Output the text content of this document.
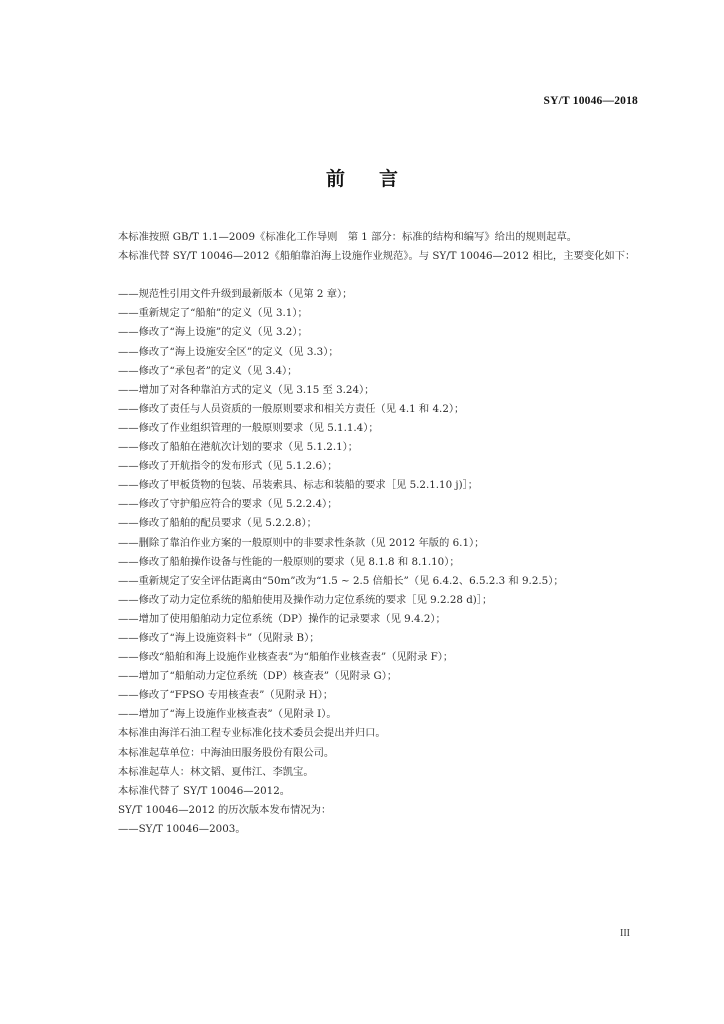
SY/T 10046—2018
前言
本标准按照 GB/T 1.1—2009《标准化工作导则　第 1 部分：标准的结构和编写》给出的规则起草。
本标准代替 SY/T 10046—2012《船舶靠泊海上设施作业规范》。与 SY/T 10046—2012 相比，主要变化如下：
——规范性引用文件升级到最新版本（见第 2 章）；
——重新规定了“船舶”的定义（见 3.1）；
——修改了“海上设施”的定义（见 3.2）；
——修改了“海上设施安全区”的定义（见 3.3）；
——修改了“承包者”的定义（见 3.4）；
——增加了对各种靠泊方式的定义（见 3.15 至 3.24）；
——修改了责任与人员资质的一般原则要求和相关方责任（见 4.1 和 4.2）；
——修改了作业组织管理的一般原则要求（见 5.1.1.4）；
——修改了船舶在港航次计划的要求（见 5.1.2.1）；
——修改了开航指令的发布形式（见 5.1.2.6）；
——修改了甲板货物的包装、吊装索具、标志和装船的要求［见 5.2.1.10 j)］；
——修改了守护船应符合的要求（见 5.2.2.4）；
——修改了船舶的配员要求（见 5.2.2.8）；
——删除了靠泊作业方案的一般原则中的非要求性条款（见 2012 年版的 6.1）；
——修改了船舶操作设备与性能的一般原则的要求（见 8.1.8 和 8.1.10）；
——重新规定了安全评估距离由“50m”改为“1.5 ~ 2.5 倍船长”（见 6.4.2、6.5.2.3 和 9.2.5）；
——修改了动力定位系统的船舶使用及操作动力定位系统的要求［见 9.2.28 d)］；
——增加了使用船舶动力定位系统（DP）操作的记录要求（见 9.4.2）；
——修改了“海上设施资料卡”（见附录 B）；
——修改“船舶和海上设施作业核查表”为“船舶作业核查表”（见附录 F）；
——增加了“船舶动力定位系统（DP）核查表”（见附录 G）；
——修改了“FPSO 专用核查表”（见附录 H）；
——增加了“海上设施作业核查表”（见附录 I）。
本标准由海洋石油工程专业标准化技术委员会提出并归口。
本标准起草单位：中海油田服务股份有限公司。
本标准起草人：林文韬、夏伟江、李凯宝。
本标准代替了 SY/T 10046—2012。
SY/T 10046—2012 的历次版本发布情况为：
——SY/T 10046—2003。
III
